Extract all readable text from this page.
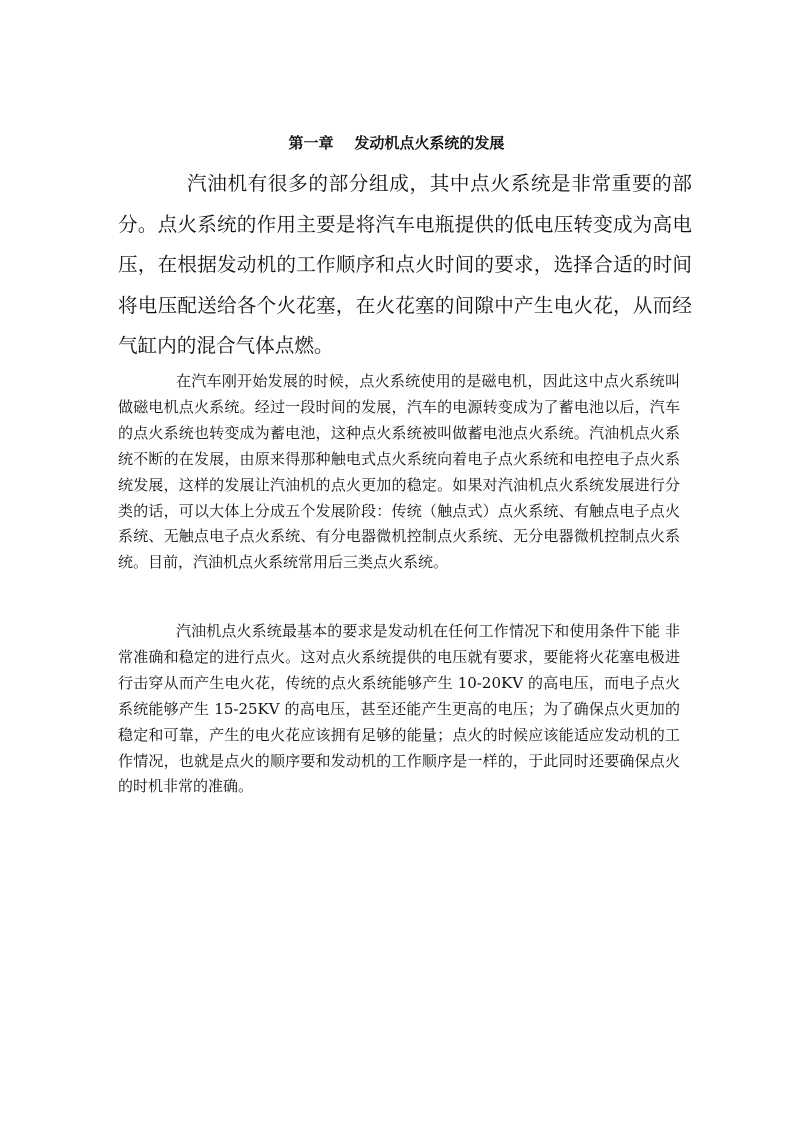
第一章    发动机点火系统的发展

汽油机有很多的部分组成，其中点火系统是非常重要的部分。点火系统的作用主要是将汽车电瓶提供的低电压转变成为高电压，在根据发动机的工作顺序和点火时间的要求，选择合适的时间将电压配送给各个火花塞，在火花塞的间隙中产生电火花，从而经气缸内的混合气体点燃。

在汽车刚开始发展的时候，点火系统使用的是磁电机，因此这中点火系统叫做磁电机点火系统。经过一段时间的发展，汽车的电源转变成为了蓄电池以后，汽车的点火系统也转变成为蓄电池，这种点火系统被叫做蓄电池点火系统。汽油机点火系统不断的在发展，由原来得那种触电式点火系统向着电子点火系统和电控电子点火系统发展，这样的发展让汽油机的点火更加的稳定。如果对汽油机点火系统发展进行分类的话，可以大体上分成五个发展阶段：传统（触点式）点火系统、有触点电子点火系统、无触点电子点火系统、有分电器微机控制点火系统、无分电器微机控制点火系统。目前，汽油机点火系统常用后三类点火系统。

汽油机点火系统最基本的要求是发动机在任何工作情况下和使用条件下能 非常准确和稳定的进行点火。这对点火系统提供的电压就有要求，要能将火花塞电极进行击穿从而产生电火花，传统的点火系统能够产生 10-20KV 的高电压，而电子点火系统能够产生 15-25KV 的高电压，甚至还能产生更高的电压；为了确保点火更加的稳定和可靠，产生的电火花应该拥有足够的能量；点火的时候应该能适应发动机的工作情况，也就是点火的顺序要和发动机的工作顺序是一样的，于此同时还要确保点火的时机非常的准确。
